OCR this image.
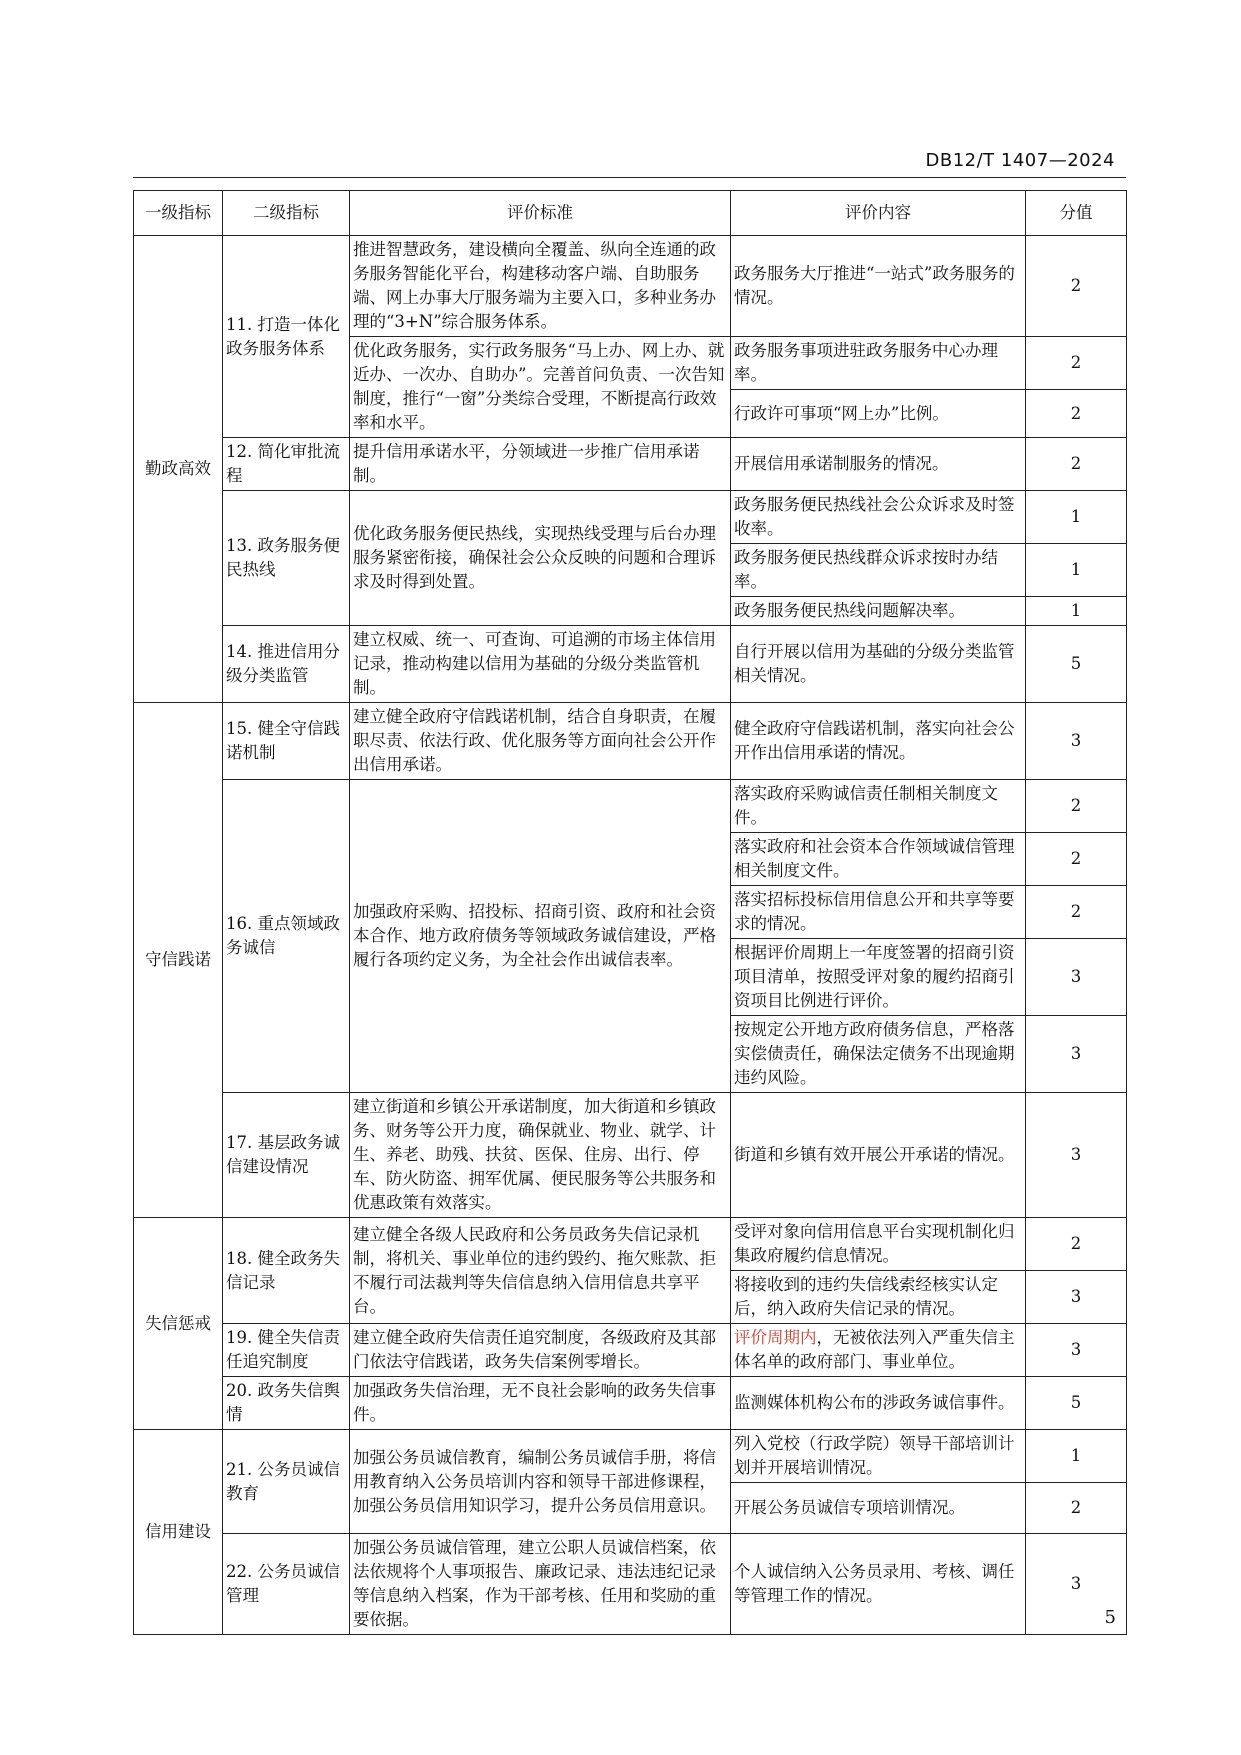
DB12/T 1407—2024
一级指标	二级指标	评价标准	评价内容	分值
勤政高效	11. 打造一体化政务服务体系	推进智慧政务，建设横向全覆盖、纵向全连通的政务服务智能化平台，构建移动客户端、自助服务端、网上办事大厅服务端为主要入口，多种业务办理的“3+N”综合服务体系。	政务服务大厅推进“一站式”政务服务的情况。	2
		优化政务服务，实行政务服务“马上办、网上办、就近办、一次办、自助办”。完善首问负责、一次告知制度，推行“一窗”分类综合受理，不断提高行政效率和水平。	政务服务事项进驻政务服务中心办理率。	2
			行政许可事项“网上办”比例。	2
	12. 简化审批流程	提升信用承诺水平，分领域进一步推广信用承诺制。	开展信用承诺制服务的情况。	2
	13. 政务服务便民热线	优化政务服务便民热线，实现热线受理与后台办理服务紧密衔接，确保社会公众反映的问题和合理诉求及时得到处置。	政务服务便民热线社会公众诉求及时签收率。	1
			政务服务便民热线群众诉求按时办结率。	1
			政务服务便民热线问题解决率。	1
	14. 推进信用分级分类监管	建立权威、统一、可查询、可追溯的市场主体信用记录，推动构建以信用为基础的分级分类监管机制。	自行开展以信用为基础的分级分类监管相关情况。	5
守信践诺	15. 健全守信践诺机制	建立健全政府守信践诺机制，结合自身职责，在履职尽责、依法行政、优化服务等方面向社会公开作出信用承诺。	健全政府守信践诺机制，落实向社会公开作出信用承诺的情况。	3
	16. 重点领域政务诚信	加强政府采购、招投标、招商引资、政府和社会资本合作、地方政府债务等领域政务诚信建设，严格履行各项约定义务，为全社会作出诚信表率。	落实政府采购诚信责任制相关制度文件。	2
			落实政府和社会资本合作领域诚信管理相关制度文件。	2
			落实招标投标信用信息公开和共享等要求的情况。	2
			根据评价周期上一年度签署的招商引资项目清单，按照受评对象的履约招商引资项目比例进行评价。	3
			按规定公开地方政府债务信息，严格落实偿债责任，确保法定债务不出现逾期违约风险。	3
	17. 基层政务诚信建设情况	建立街道和乡镇公开承诺制度，加大街道和乡镇政务、财务等公开力度，确保就业、物业、就学、计生、养老、助残、扶贫、医保、住房、出行、停车、防火防盗、拥军优属、便民服务等公共服务和优惠政策有效落实。	街道和乡镇有效开展公开承诺的情况。	3
失信惩戒	18. 健全政务失信记录	建立健全各级人民政府和公务员政务失信记录机制，将机关、事业单位的违约毁约、拖欠账款、拒不履行司法裁判等失信信息纳入信用信息共享平台。	受评对象向信用信息平台实现机制化归集政府履约信息情况。	2
			将接收到的违约失信线索经核实认定后，纳入政府失信记录的情况。	3
	19. 健全失信责任追究制度	建立健全政府失信责任追究制度，各级政府及其部门依法守信践诺，政务失信案例零增长。	评价周期内，无被依法列入严重失信主体名单的政府部门、事业单位。	3
	20. 政务失信舆情	加强政务失信治理，无不良社会影响的政务失信事件。	监测媒体机构公布的涉政务诚信事件。	5
信用建设	21. 公务员诚信教育	加强公务员诚信教育，编制公务员诚信手册，将信用教育纳入公务员培训内容和领导干部进修课程，加强公务员信用知识学习，提升公务员信用意识。	列入党校（行政学院）领导干部培训计划并开展培训情况。	1
			开展公务员诚信专项培训情况。	2
	22. 公务员诚信管理	加强公务员诚信管理，建立公职人员诚信档案，依法依规将个人事项报告、廉政记录、违法违纪记录等信息纳入档案，作为干部考核、任用和奖励的重要依据。	个人诚信纳入公务员录用、考核、调任等管理工作的情况。	3
5
